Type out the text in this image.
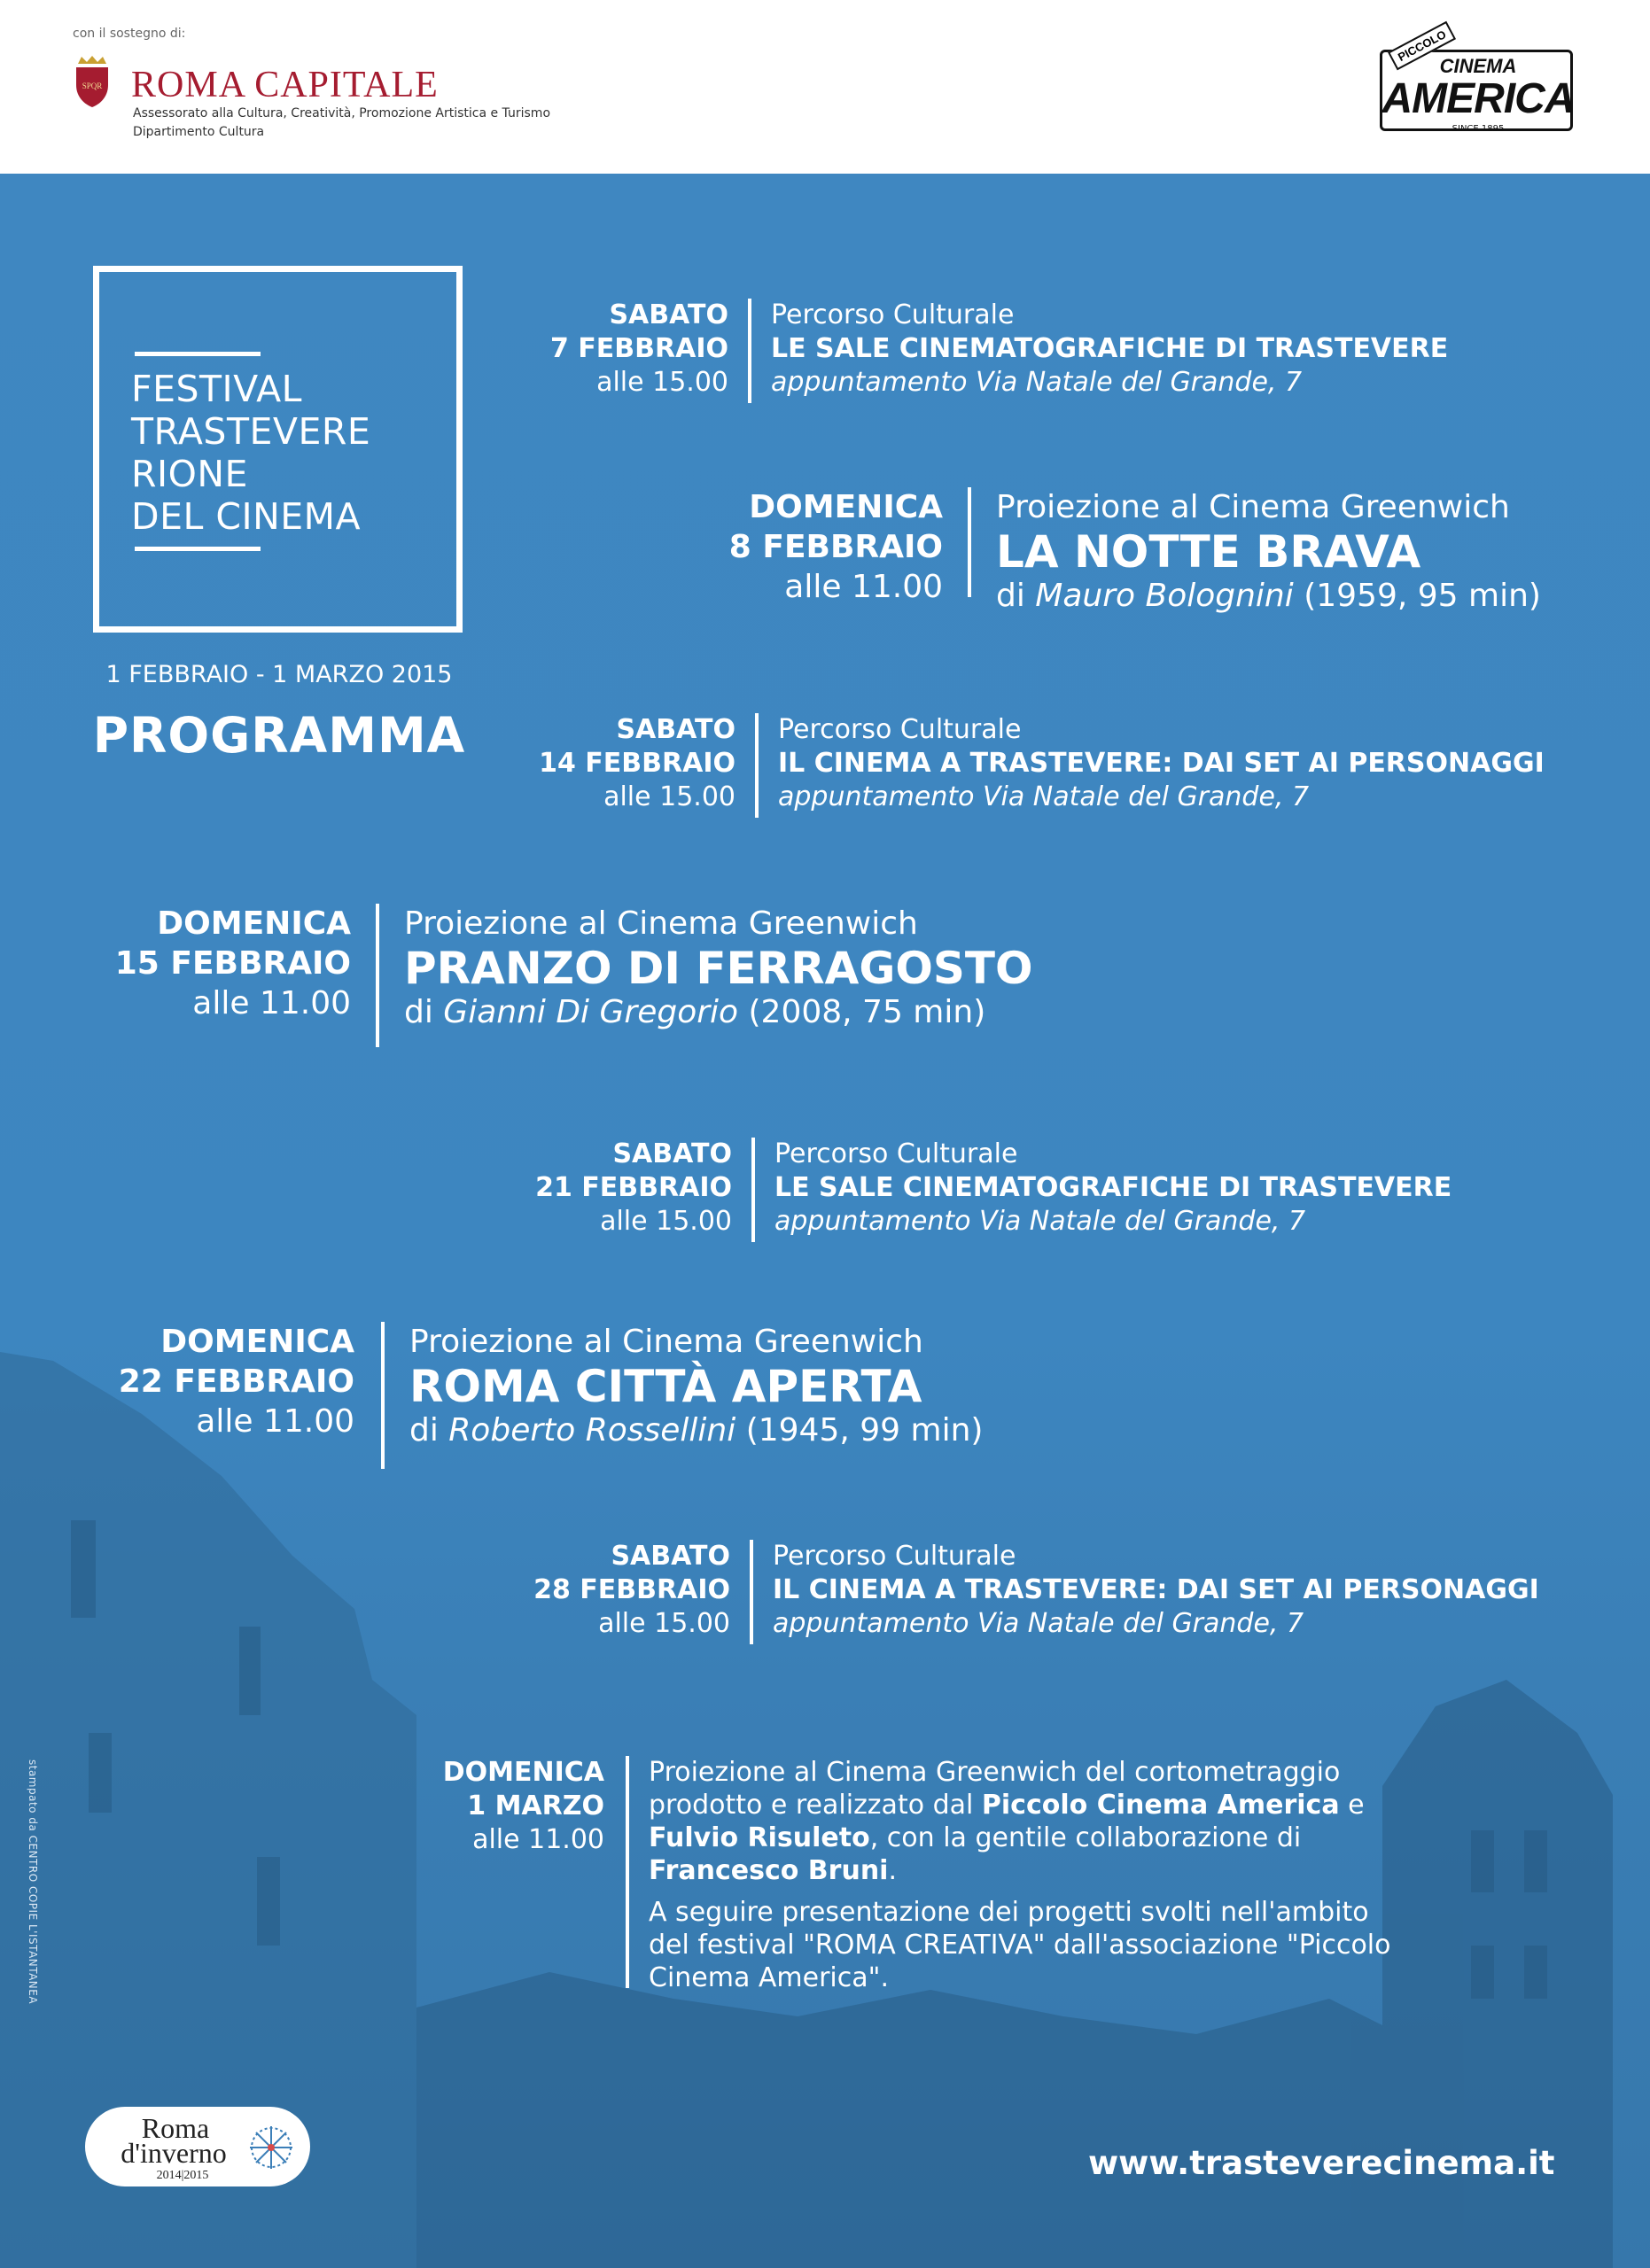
con il sostegno di:
SPQR ROMA CAPITALE
Assessorato alla Cultura, Creatività, Promozione Artistica e Turismo
Dipartimento Cultura
PICCOLO
CINEMA
AMERICA
SINCE 1895
FESTIVAL
TRASTEVERE
RIONE
DEL CINEMA
1 FEBBRAIO - 1 MARZO 2015
PROGRAMMA
SABATO
7 FEBBRAIO
alle 15.00
Percorso Culturale
LE SALE CINEMATOGRAFICHE DI TRASTEVERE
appuntamento Via Natale del Grande, 7
DOMENICA
8 FEBBRAIO
alle 11.00
Proiezione al Cinema Greenwich
LA NOTTE BRAVA
di Mauro Bolognini (1959, 95 min)
SABATO
14 FEBBRAIO
alle 15.00
Percorso Culturale
IL CINEMA A TRASTEVERE: DAI SET AI PERSONAGGI
appuntamento Via Natale del Grande, 7
DOMENICA
15 FEBBRAIO
alle 11.00
Proiezione al Cinema Greenwich
PRANZO DI FERRAGOSTO
di Gianni Di Gregorio (2008, 75 min)
SABATO
21 FEBBRAIO
alle 15.00
Percorso Culturale
LE SALE CINEMATOGRAFICHE DI TRASTEVERE
appuntamento Via Natale del Grande, 7
DOMENICA
22 FEBBRAIO
alle 11.00
Proiezione al Cinema Greenwich
ROMA CITTÀ APERTA
di Roberto Rossellini (1945, 99 min)
SABATO
28 FEBBRAIO
alle 15.00
Percorso Culturale
IL CINEMA A TRASTEVERE: DAI SET AI PERSONAGGI
appuntamento Via Natale del Grande, 7
DOMENICA
1 MARZO
alle 11.00

Proiezione al Cinema Greenwich del cortometraggio prodotto e realizzato dal Piccolo Cinema America e Fulvio Risuleto, con la gentile collaborazione di Francesco Bruni.

A seguire presentazione dei progetti svolti nell'ambito del festival "ROMA CREATIVA" dall'associazione "Piccolo Cinema America".

stampato da CENTRO COPIE L'ISTANTANEA
Roma
d'inverno
2014|2015	www.trasteverecinema.it
